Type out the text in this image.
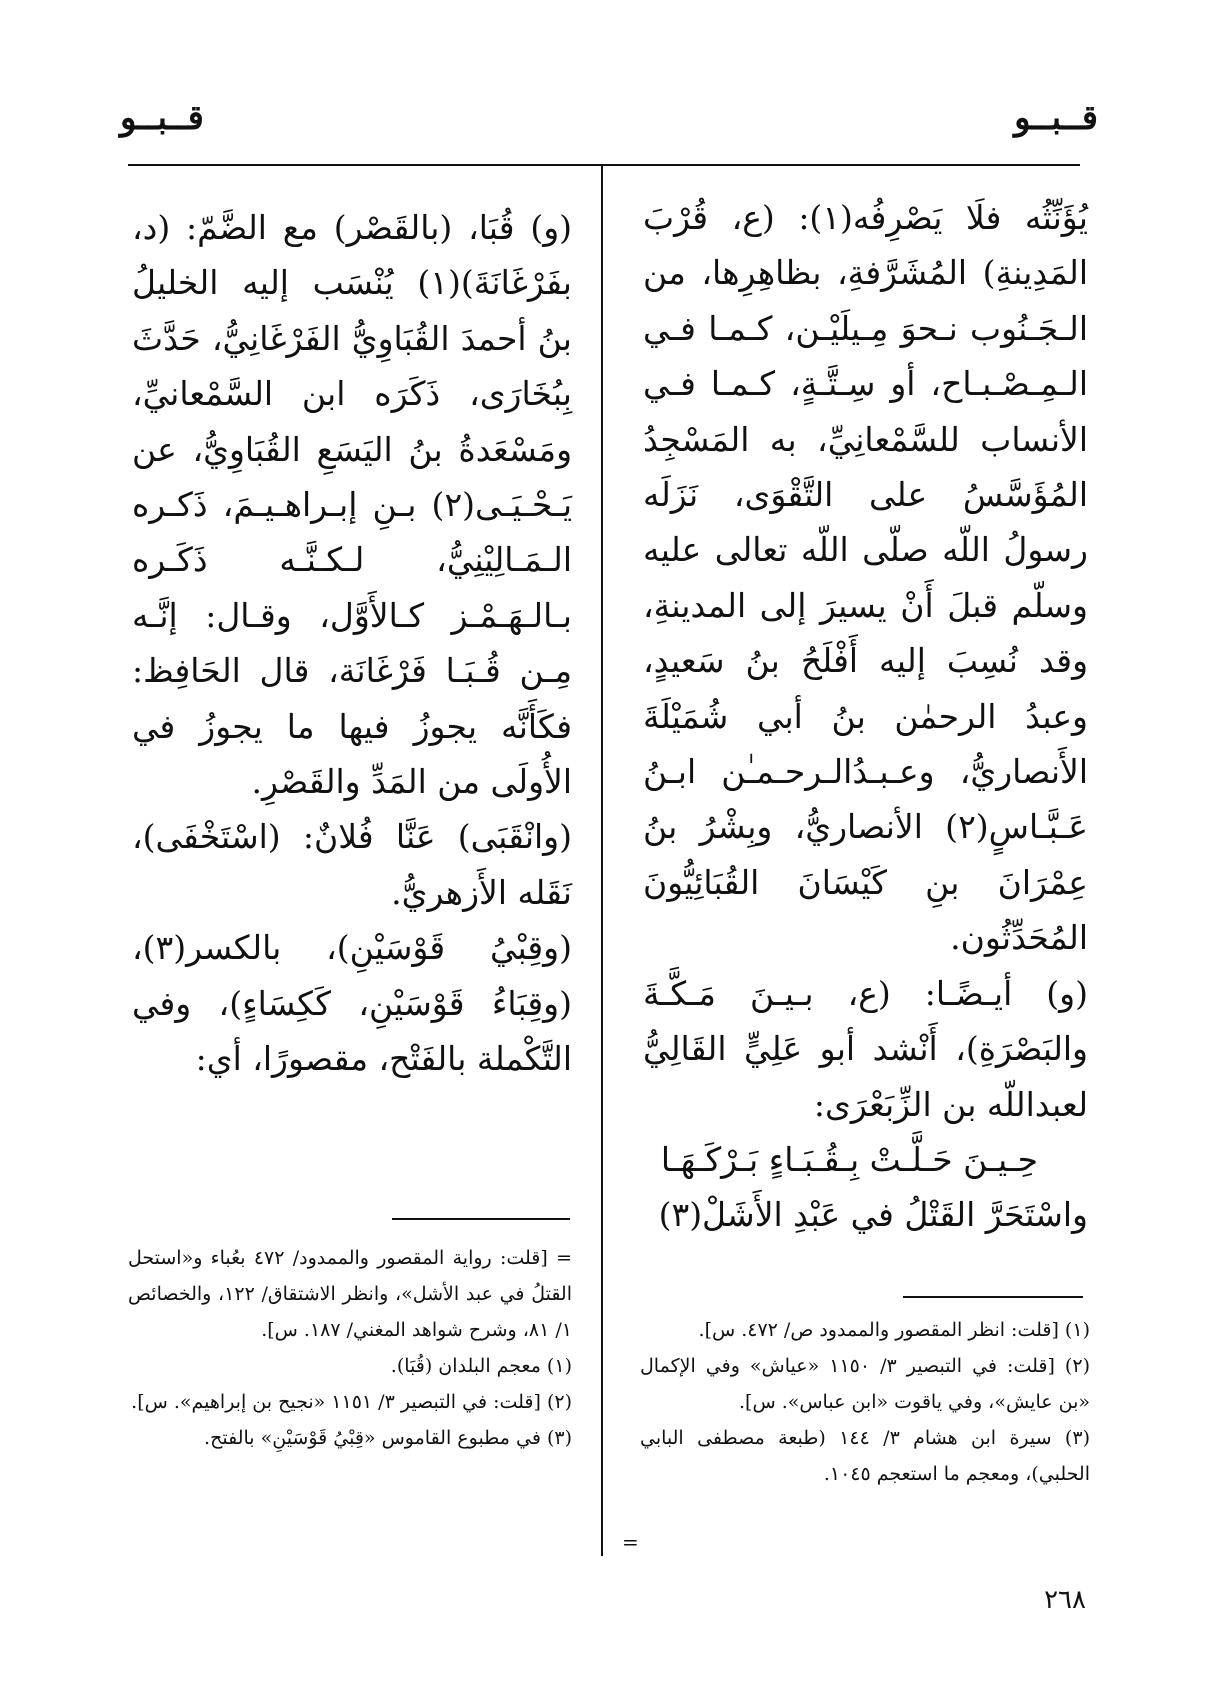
قــبــو
قــبــو

يُؤَنِّثُه فلَا يَصْرِفُه(١): (ع، قُرْبَ المَدِينةِ) المُشَرَّفةِ، بظاهِرِها، من الـجَـنُوب نـحوَ مِـيلَيْـن، كـمـا فـي الـمِـصْـبـاح، أو سِـتَّـةٍ، كـمـا فـي الأنساب للسَّمْعانِيِّ، به المَسْجِدُ المُؤَسَّسُ على التَّقْوَى، نَزَلَه رسولُ اللّه صلّى اللّه تعالى عليه وسلّم قبلَ أَنْ يسيرَ إلى المدينةِ، وقد نُسِبَ إليه أَفْلَحُ بنُ سَعيدٍ، وعبدُ الرحمٰن بنُ أبي شُمَيْلَةَ الأَنصاريُّ، وعـبـدُالـرحـمـٰن ابـنُ عَـبَّـاسٍ(٢) الأنصاريُّ، وبِشْرُ بنُ عِمْرَانَ بنِ كَيْسَانَ القُبَائِيُّونَ المُحَدِّثُون.

(و) أيـضًـا: (ع، بـيـنَ مَـكَّـةَ والبَصْرَةِ)، أَنْشد أبو عَلِيٍّ القَالِيُّ لعبداللّه بن الزِّبَعْرَى:

حِـيـنَ حَـلَّـتْ بِـقُـبَـاءٍ بَـرْكَـهَـا

واسْتَحَرَّ القَتْلُ في عَبْدِ الأَشَلْ(٣)

(و) قُبَا، (بالقَصْر) مع الضَّمّ: (د، بفَرْغَانَةَ)(١) يُنْسَب إليه الخليلُ بنُ أحمدَ القُبَاوِيُّ الفَرْغَانِيُّ، حَدَّثَ بِبُخَارَى، ذَكَرَه ابن السَّمْعانيِّ، ومَسْعَدةُ بنُ اليَسَعِ القُبَاوِيُّ، عن يَـحْـيَـى(٢) بـنِ إبـراهـيـمَ، ذَكـره الـمَـالِيْنِيُّ، لـكـنَّـه ذَكَـره بـالـهَـمْـز كـالأَوَّل، وقـال: إنَّـه مِـن قُـبَـا فَرْغَانَة، قال الحَافِظ: فكَأَنَّه يجوزُ فيها ما يجوزُ في الأُولَى من المَدِّ والقَصْرِ.

(وانْقَبَى) عَنَّا فُلانٌ: (اسْتَخْفَى)، نَقَله الأَزهريُّ.

(وقِبْيُ قَوْسَيْنِ)، بالكسر(٣)، (وقِبَاءُ قَوْسَيْنِ، كَكِسَاءٍ)، وفي التَّكْملة بالفَتْح، مقصورًا، أي:

(١) [قلت: انظر المقصور والممدود ص/ ٤٧٢. س].

(٢) [قلت: في التبصير ٣/ ١١٥٠ «عياش» وفي الإكمال «بن عايش»، وفي ياقوت «ابن عباس». س].

(٣) سيرة ابن هشام ٣/ ١٤٤ (طبعة مصطفى البابي الحلبي)، ومعجم ما استعجم ١٠٤٥.

= [قلت: رواية المقصور والممدود/ ٤٧٢ بعُباء و«استحل القتلُ في عبد الأشل»، وانظر الاشتقاق/ ١٢٢، والخصائص ١/ ٨١، وشرح شواهد المغني/ ١٨٧. س].

(١) معجم البلدان (قُبَا).

(٢) [قلت: في التبصير ٣/ ١١٥١ «نجيح بن إبراهيم». س].

(٣) في مطبوع القاموس «قِبْيُ قَوْسَيْنِ» بالفتح.

=
٢٦٨
